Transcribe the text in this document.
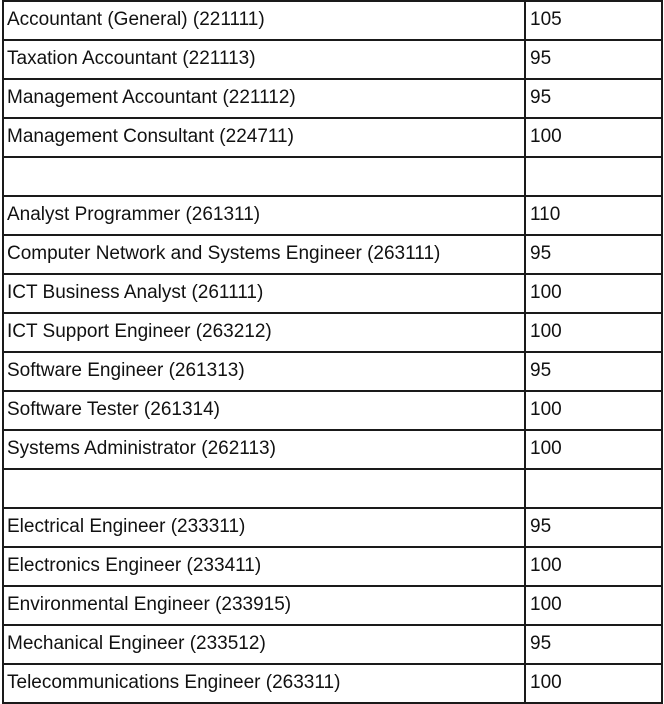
Accountant (General) (221111)	105
Taxation Accountant (221113)	95
Management Accountant (221112)	95
Management Consultant (224711)	100

Analyst Programmer (261311)	110
Computer Network and Systems Engineer (263111)	95
ICT Business Analyst (261111)	100
ICT Support Engineer (263212)	100
Software Engineer (261313)	95
Software Tester (261314)	100
Systems Administrator (262113)	100

Electrical Engineer (233311)	95
Electronics Engineer (233411)	100
Environmental Engineer (233915)	100
Mechanical Engineer (233512)	95
Telecommunications Engineer (263311)	100
